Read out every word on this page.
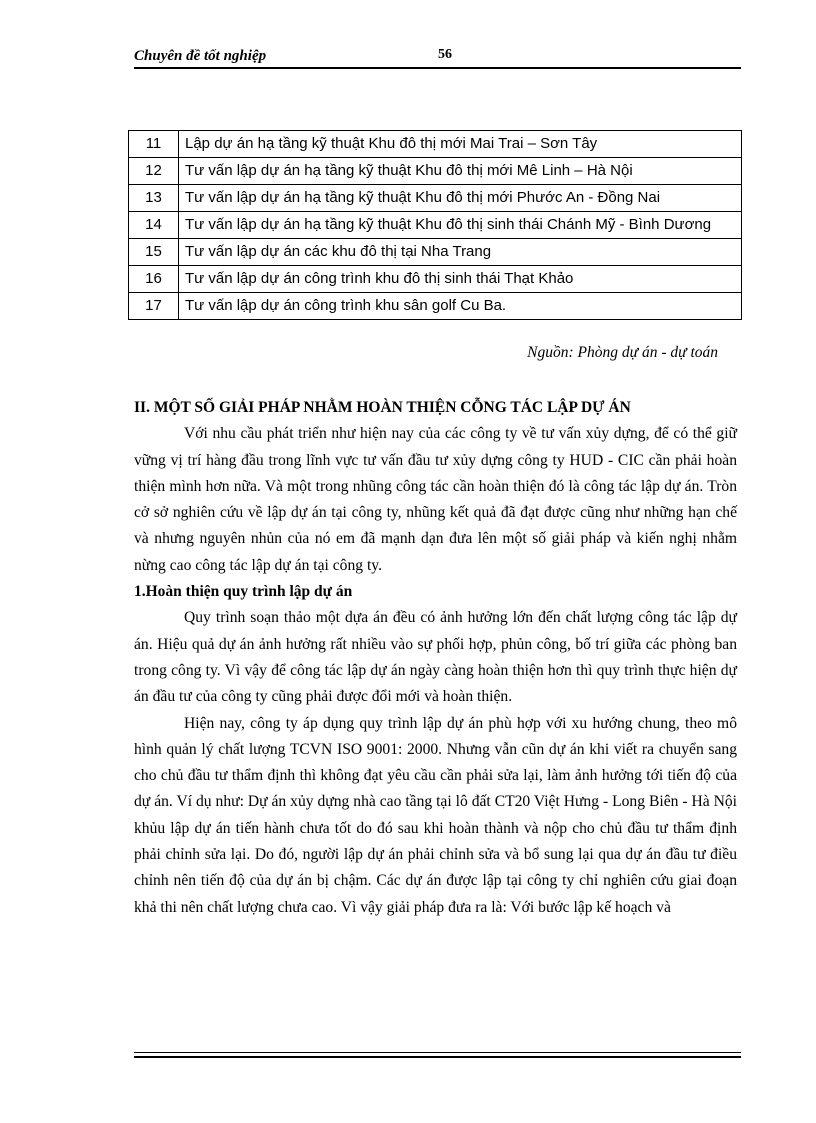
Chuyên đề tốt nghiệp	56
11	Lập dự án hạ tầng kỹ thuật Khu đô thị mới Mai Trai – Sơn Tây
12	Tư vấn lập dự án hạ tầng kỹ thuật Khu đô thị mới Mê Linh – Hà Nội
13	Tư vấn lập dự án hạ tầng kỹ thuật Khu đô thị mới Phước An - Đồng Nai
14	Tư vấn lập dự án hạ tầng kỹ thuật Khu đô thị sinh thái Chánh Mỹ - Bình Dương
15	Tư vấn lập dự án các khu đô thị tại Nha Trang
16	Tư vấn lập dự án công trình khu đô thị sinh thái Thạt Khảo
17	Tư vấn lập dự án công trình khu sân golf Cu Ba.
Nguồn: Phòng dự án - dự toán
II. MỘT SỐ GIẢI PHÁP NHẰM HOÀN THIỆN CỖNG TÁC LẬP DỰ ÁN

Với nhu cầu phát triển như hiện nay của các công ty về tư vấn xủy dựng, để có thể giữ vững vị trí hàng đầu trong lĩnh vực tư vấn đầu tư xủy dựng công ty HUD - CIC cần phải hoàn thiện mình hơn nữa. Và một trong nhũng công tác cần hoàn thiện đó là công tác lập dự án. Tròn cở sở nghiên cứu về lập dự án tại công ty, nhũng kết quả đã đạt được cũng như những hạn chế và nhưng nguyên nhủn của nó em đã mạnh dạn đưa lên một số giải pháp và kiến nghị nhằm nừng cao công tác lập dự án tại công ty.

1.Hoàn thiện quy trình lập dự án

Quy trình soạn thảo một dựa án đều có ảnh hưởng lớn đến chất lượng công tác lập dự án. Hiệu quả dự án ảnh hưởng rất nhiều vào sự phối hợp, phủn công, bố trí giữa các phòng ban trong công ty. Vì vậy để công tác lập dự án ngày càng hoàn thiện hơn thì quy trình thực hiện dự án đầu tư của công ty cũng phải được đổi mới và hoàn thiện.

Hiện nay, công ty áp dụng quy trình lập dự án phù hợp với xu hướng chung, theo mô hình quản lý chất lượng TCVN ISO 9001: 2000. Nhưng vẫn cũn dự án khi viết ra chuyển sang cho chủ đầu tư thẩm định thì không đạt yêu cầu cần phải sửa lại, làm ảnh hưởng tới tiến độ của dự án. Ví dụ như: Dự án xủy dựng nhà cao tầng tại lô đất CT20 Việt Hưng - Long Biên - Hà Nội khủu lập dự án tiến hành chưa tốt do đó sau khi hoàn thành và nộp cho chủ đầu tư thẩm định phải chỉnh sửa lại. Do đó, người lập dự án phải chỉnh sửa và bổ sung lại qua dự án đầu tư điều chỉnh nên tiến độ của dự án bị chậm. Các dự án được lập tại công ty chỉ nghiên cứu giai đoạn khả thi nên chất lượng chưa cao. Vì vậy giải pháp đưa ra là: Với bước lập kế hoạch và
